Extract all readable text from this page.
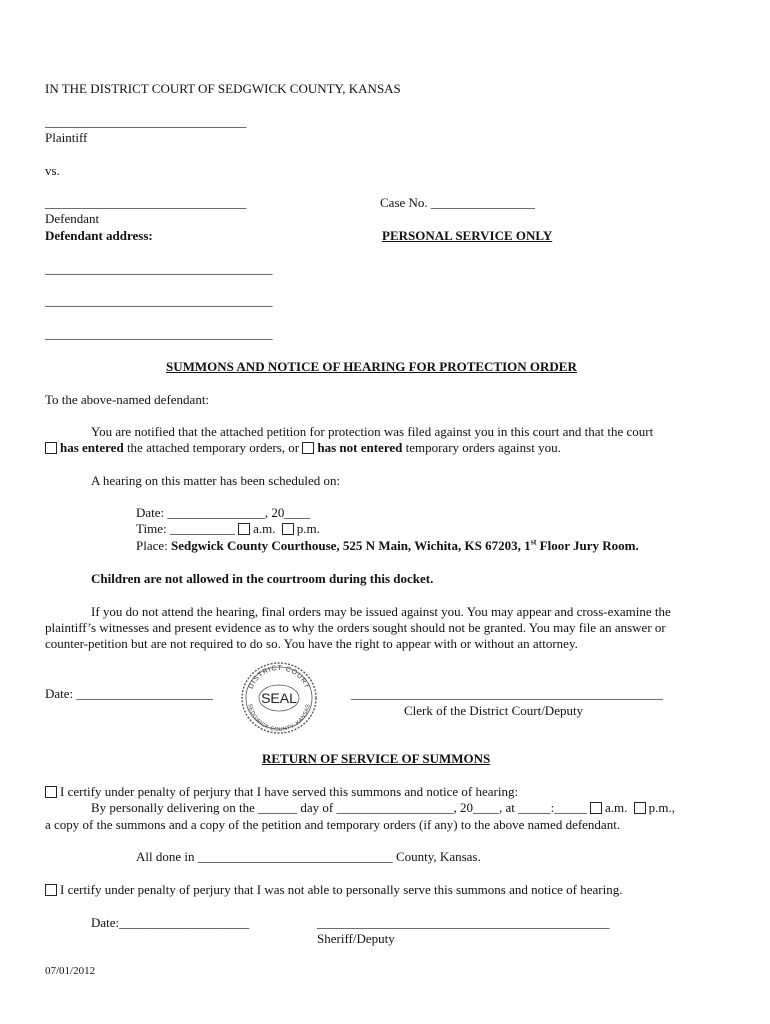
IN THE DISTRICT COURT OF SEDGWICK COUNTY, KANSAS
_______________________________
Plaintiff
vs.
_______________________________	Case No. ________________
Defendant
Defendant address:	PERSONAL SERVICE ONLY
___________________________________
___________________________________
___________________________________
SUMMONS AND NOTICE OF HEARING FOR PROTECTION ORDER
To the above-named defendant:
You are notified that the attached petition for protection was filed against you in this court and that the court
has entered the attached temporary orders, or has not entered temporary orders against you.
A hearing on this matter has been scheduled on:
Date: _______________, 20____
Time: __________ a.m. p.m.
Place: Sedgwick County Courthouse, 525 N Main, Wichita, KS 67203, 1st Floor Jury Room.
Children are not allowed in the courtroom during this docket.
If you do not attend the hearing, final orders may be issued against you. You may appear and cross-examine the
plaintiff’s witnesses and present evidence as to why the orders sought should not be granted. You may file an answer or
counter-petition but are not required to do so. You have the right to appear with or without an attorney.
Date: _____________________
DISTRICT COURT
SEDGWICK COUNTY, KANSAS
SEAL	________________________________________________
Clerk of the District Court/Deputy
RETURN OF SERVICE OF SUMMONS
I certify under penalty of perjury that I have served this summons and notice of hearing:
By personally delivering on the ______ day of __________________, 20____, at _____:_____ a.m. p.m.,
a copy of the summons and a copy of the petition and temporary orders (if any) to the above named defendant.
All done in ______________________________ County, Kansas.
I certify under penalty of perjury that I was not able to personally serve this summons and notice of hearing.
Date:____________________	_____________________________________________
Sheriff/Deputy
07/01/2012
